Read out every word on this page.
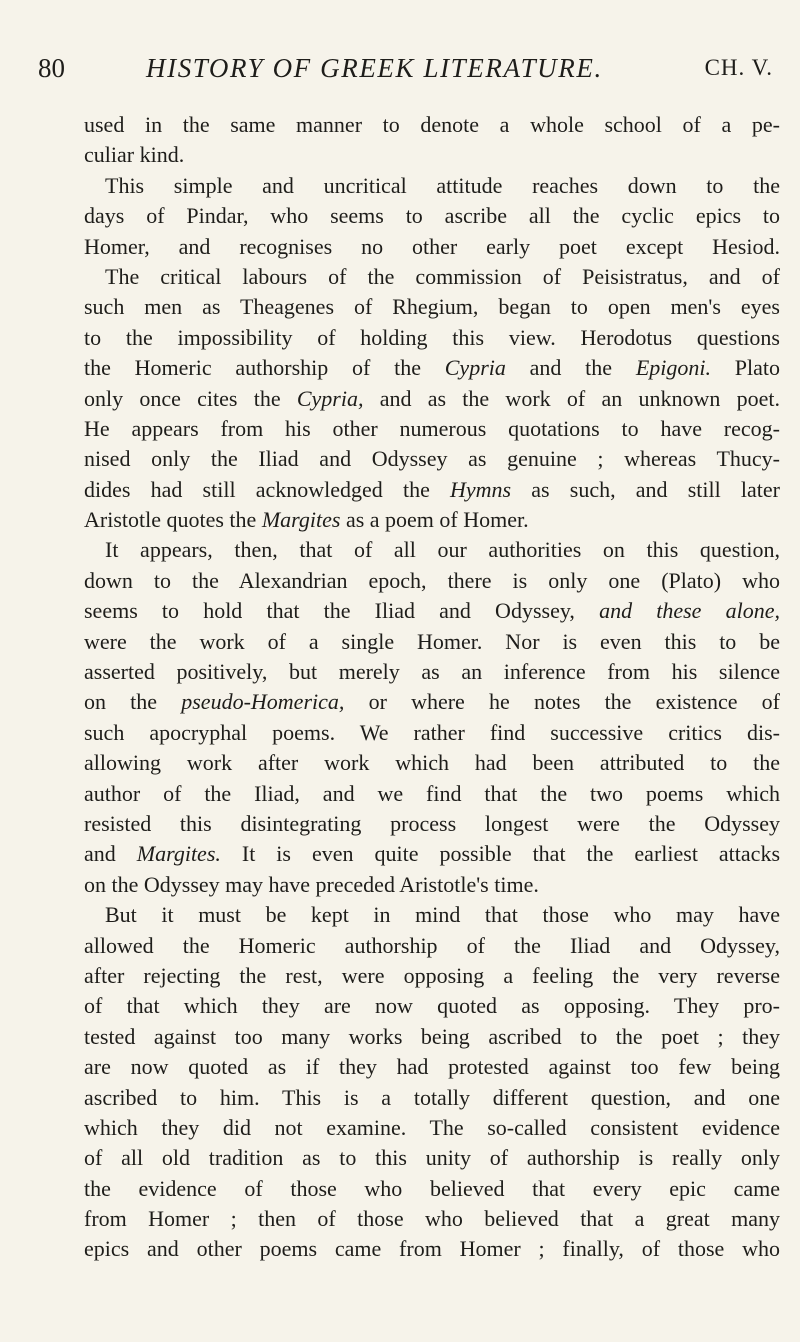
80	HISTORY OF GREEK LITERATURE.	CH. V.
used in the same manner to denote a whole school of a pe-
culiar kind.
This simple and uncritical attitude reaches down to the
days of Pindar, who seems to ascribe all the cyclic epics to
Homer, and recognises no other early poet except Hesiod.
The critical labours of the commission of Peisistratus, and of
such men as Theagenes of Rhegium, began to open men's eyes
to the impossibility of holding this view. Herodotus questions
the Homeric authorship of the Cypria and the Epigoni. Plato
only once cites the Cypria, and as the work of an unknown poet.
He appears from his other numerous quotations to have recog-
nised only the Iliad and Odyssey as genuine ; whereas Thucy-
dides had still acknowledged the Hymns as such, and still later
Aristotle quotes the Margites as a poem of Homer.
It appears, then, that of all our authorities on this question,
down to the Alexandrian epoch, there is only one (Plato) who
seems to hold that the Iliad and Odyssey, and these alone,
were the work of a single Homer. Nor is even this to be
asserted positively, but merely as an inference from his silence
on the pseudo-Homerica, or where he notes the existence of
such apocryphal poems. We rather find successive critics dis-
allowing work after work which had been attributed to the
author of the Iliad, and we find that the two poems which
resisted this disintegrating process longest were the Odyssey
and Margites. It is even quite possible that the earliest attacks
on the Odyssey may have preceded Aristotle's time.
But it must be kept in mind that those who may have
allowed the Homeric authorship of the Iliad and Odyssey,
after rejecting the rest, were opposing a feeling the very reverse
of that which they are now quoted as opposing. They pro-
tested against too many works being ascribed to the poet ; they
are now quoted as if they had protested against too few being
ascribed to him. This is a totally different question, and one
which they did not examine. The so-called consistent evidence
of all old tradition as to this unity of authorship is really only
the evidence of those who believed that every epic came
from Homer ; then of those who believed that a great many
epics and other poems came from Homer ; finally, of those who
